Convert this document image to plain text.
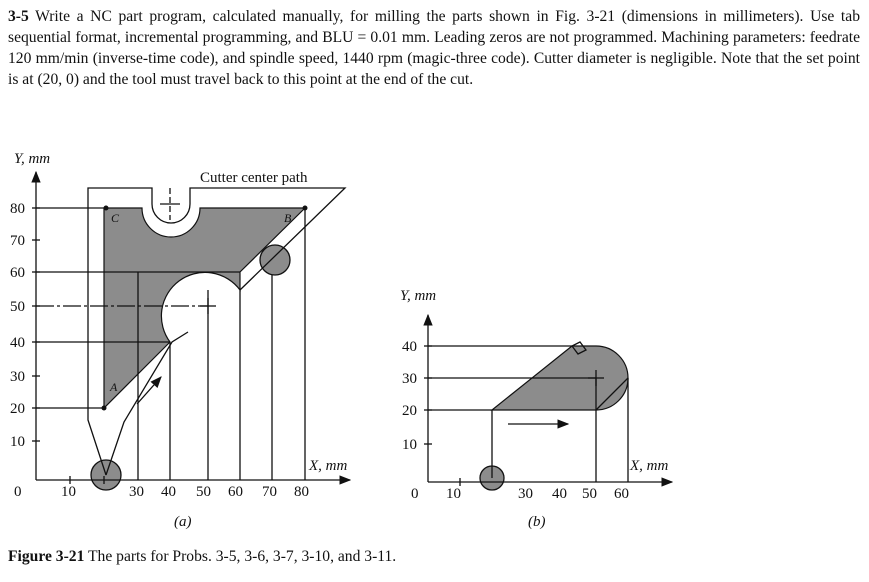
3-5 Write a NC part program, calculated manually, for milling the parts shown in Fig. 3-21 (dimensions in millimeters). Use tab sequential format, incremental programming, and BLU = 0.01 mm. Leading zeros are not programmed. Machining parameters: feedrate 120 mm/min (inverse-time code), and spindle speed, 1440 rpm (magic-three code). Cutter diameter is negligible. Note that the set point is at (20, 0) and the tool must travel back to this point at the end of the cut.
Y, mm
Cutter center path
X, mm
C	B
A
80
70
60
50
40
30
20
10
0	10	30 40 50 60 70 80
(a)
Y, mm
X, mm
40
30
20
10
0 10	30 40 50 60
(b)
Figure 3-21 The parts for Probs. 3-5, 3-6, 3-7, 3-10, and 3-11.
